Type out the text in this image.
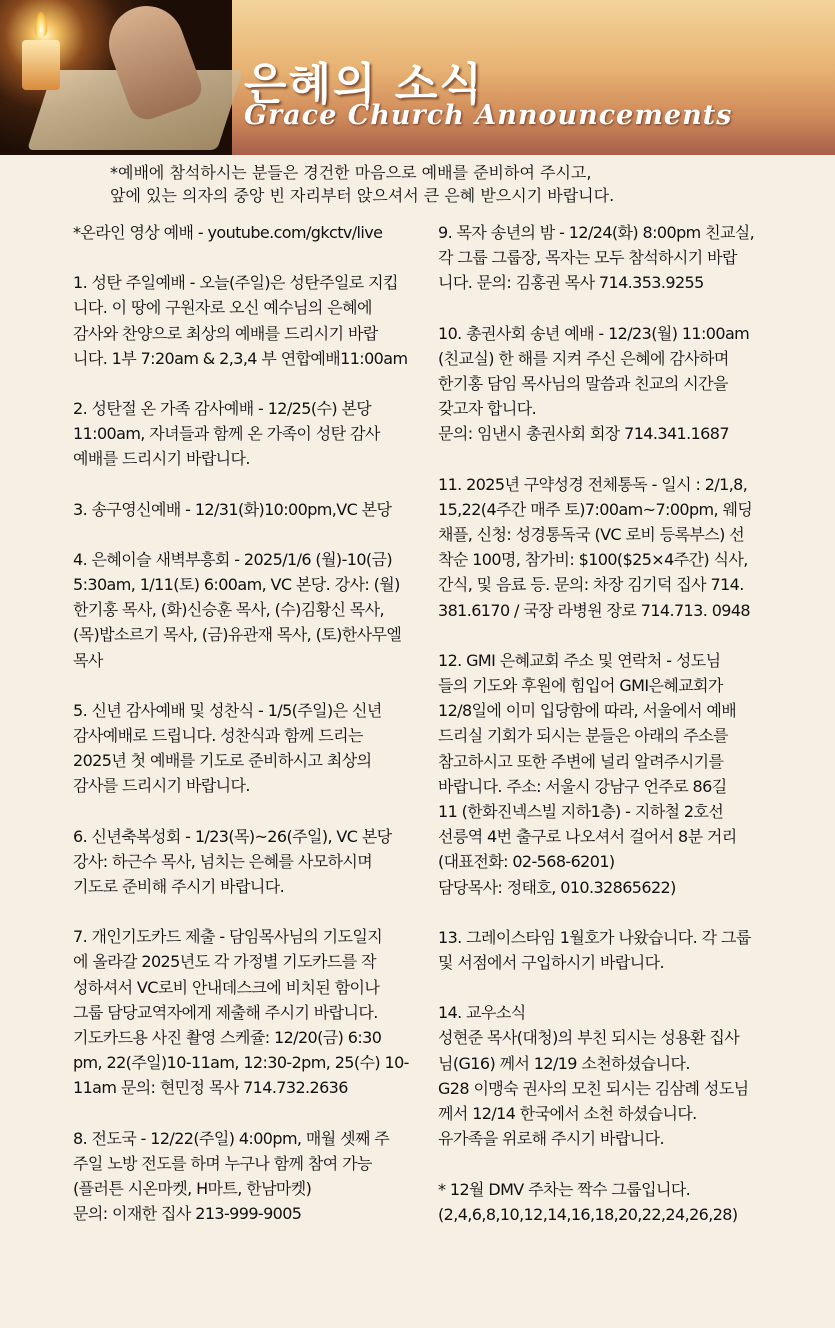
은혜의 소식
Grace Church Announcements
*예배에 참석하시는 분들은 경건한 마음으로 예배를 준비하여 주시고,
앞에 있는 의자의 중앙 빈 자리부터 앉으셔서 큰 은혜 받으시기 바랍니다.

*온라인 영상 예배 - youtube.com/gkctv/live

1. 성탄 주일예배 - 오늘(주일)은 성탄주일로 지킵
니다. 이 땅에 구원자로 오신 예수님의 은혜에
감사와 찬양으로 최상의 예배를 드리시기 바랍
니다. 1부 7:20am & 2,3,4 부 연합예배11:00am

2. 성탄절 온 가족 감사예배 - 12/25(수) 본당
11:00am, 자녀들과 함께 온 가족이 성탄 감사
예배를 드리시기 바랍니다.

3. 송구영신예배 - 12/31(화)10:00pm,VC 본당

4. 은혜이슬 새벽부흥회 - 2025/1/6 (월)-10(금)
5:30am, 1/11(토) 6:00am, VC 본당. 강사: (월)
한기홍 목사, (화)신승훈 목사, (수)김황신 목사,
(목)밥소르기 목사, (금)유관재 목사, (토)한사무엘
목사

5. 신년 감사예배 및 성찬식 - 1/5(주일)은 신년
감사예배로 드립니다. 성찬식과 함께 드리는
2025년 첫 예배를 기도로 준비하시고 최상의
감사를 드리시기 바랍니다.

6. 신년축복성회 - 1/23(목)~26(주일), VC 본당
강사: 하근수 목사, 넘치는 은혜를 사모하시며
기도로 준비해 주시기 바랍니다.

7. 개인기도카드 제출 - 담임목사님의 기도일지
에 올라갈 2025년도 각 가정별 기도카드를 작
성하셔서 VC로비 안내데스크에 비치된 함이나
그룹 담당교역자에게 제출해 주시기 바랍니다.
기도카드용 사진 촬영 스케쥴: 12/20(금) 6:30
pm, 22(주일)10-11am, 12:30-2pm, 25(수) 10-
11am 문의: 현민정 목사 714.732.2636

8. 전도국 - 12/22(주일) 4:00pm, 매월 셋째 주
주일 노방 전도를 하며 누구나 함께 참여 가능
(플러튼 시온마켓, H마트, 한남마켓)
문의: 이재한 집사 213-999-9005

9. 목자 송년의 밤 - 12/24(화) 8:00pm 친교실,
각 그룹 그룹장, 목자는 모두 참석하시기 바랍
니다. 문의: 김홍권 목사 714.353.9255

10. 총권사회 송년 예배 - 12/23(월) 11:00am
(친교실) 한 해를 지켜 주신 은혜에 감사하며
한기홍 담임 목사님의 말씀과 친교의 시간을
갖고자 합니다.
문의: 임낸시 총권사회 회장 714.341.1687

11. 2025년 구약성경 전체통독 - 일시 : 2/1,8,
15,22(4주간 매주 토)7:00am~7:00pm, 웨딩
채플, 신청: 성경통독국 (VC 로비 등록부스) 선
착순 100명, 참가비: $100($25×4주간) 식사,
간식, 및 음료 등. 문의: 차장 김기덕 집사 714.
381.6170 / 국장 라병원 장로 714.713. 0948

12. GMI 은혜교회 주소 및 연락처 - 성도님
들의 기도와 후원에 힘입어 GMI은혜교회가
12/8일에 이미 입당함에 따라, 서울에서 예배
드리실 기회가 되시는 분들은 아래의 주소를
참고하시고 또한 주변에 널리 알려주시기를
바랍니다. 주소: 서울시 강남구 언주로 86길
11 (한화진넥스빌 지하1층) - 지하철 2호선
선릉역 4번 출구로 나오셔서 걸어서 8분 거리
(대표전화: 02-568-6201)
담당목사: 정태호, 010.32865622)

13. 그레이스타임 1월호가 나왔습니다. 각 그룹
및 서점에서 구입하시기 바랍니다.

14. 교우소식
성현준 목사(대청)의 부친 되시는 성용환 집사
님(G16) 께서 12/19 소천하셨습니다.
G28 이맹숙 권사의 모친 되시는 김삼례 성도님
께서 12/14 한국에서 소천 하셨습니다.
유가족을 위로해 주시기 바랍니다.

* 12월 DMV 주차는 짝수 그룹입니다.
(2,4,6,8,10,12,14,16,18,20,22,24,26,28)
